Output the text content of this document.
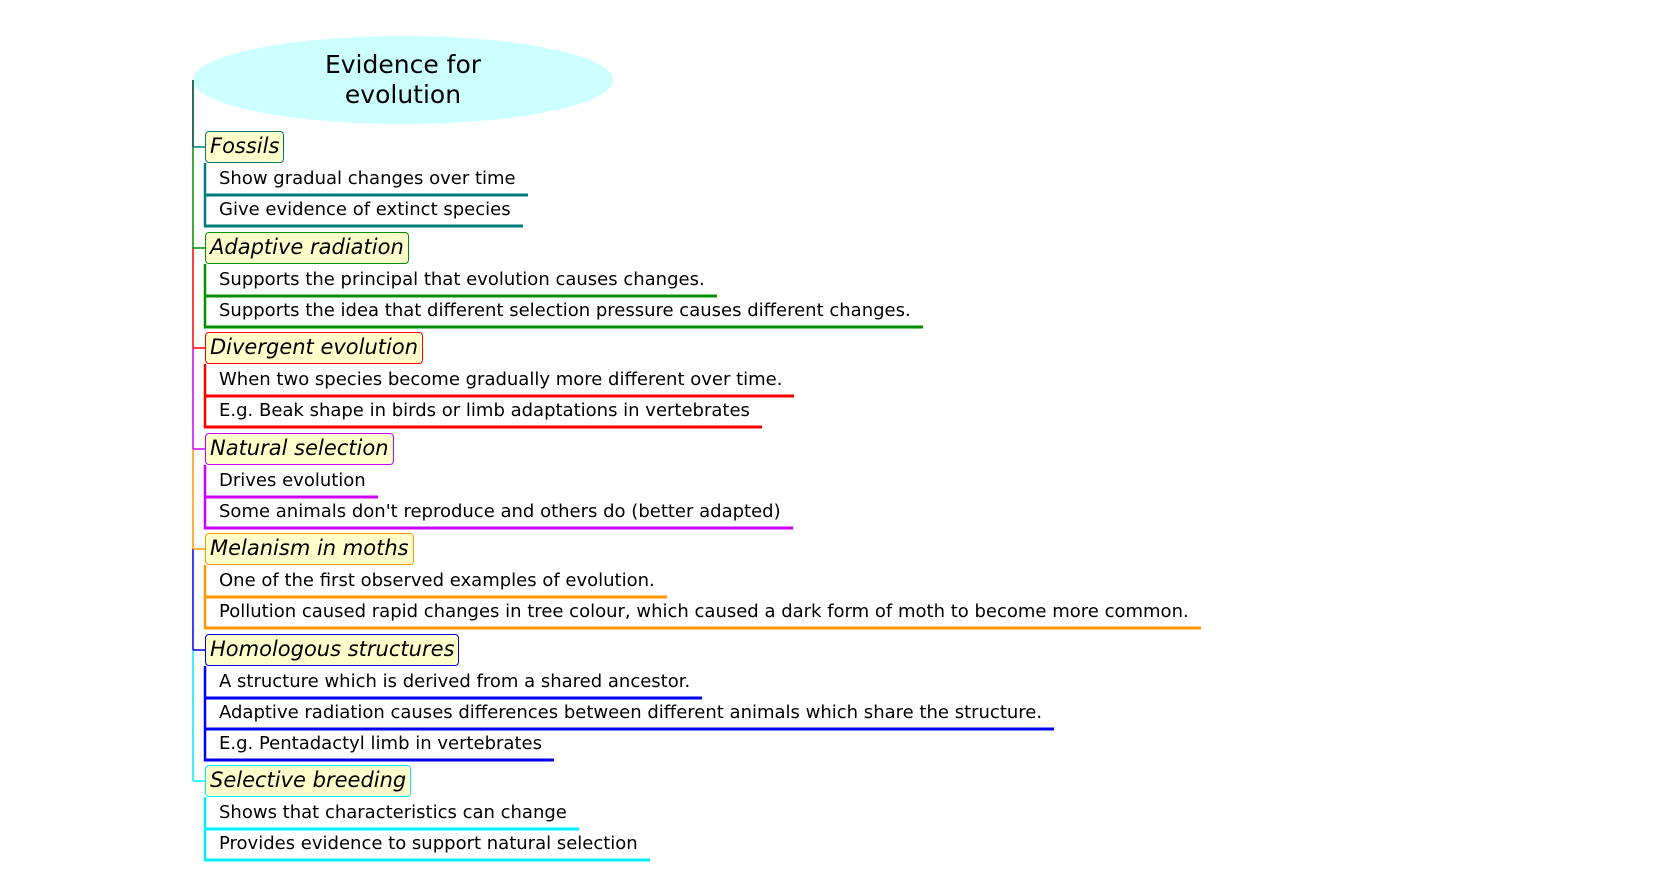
Evidence for
evolution
Fossils
Show gradual changes over time
Give evidence of extinct species
Adaptive radiation
Supports the principal that evolution causes changes.
Supports the idea that different selection pressure causes different changes.
Divergent evolution
When two species become gradually more different over time.
E.g. Beak shape in birds or limb adaptations in vertebrates
Natural selection
Drives evolution
Some animals don't reproduce and others do (better adapted)
Melanism in moths
One of the first observed examples of evolution.
Pollution caused rapid changes in tree colour, which caused a dark form of moth to become more common.
Homologous structures
A structure which is derived from a shared ancestor.
Adaptive radiation causes differences between different animals which share the structure.
E.g. Pentadactyl limb in vertebrates
Selective breeding
Shows that characteristics can change
Provides evidence to support natural selection
